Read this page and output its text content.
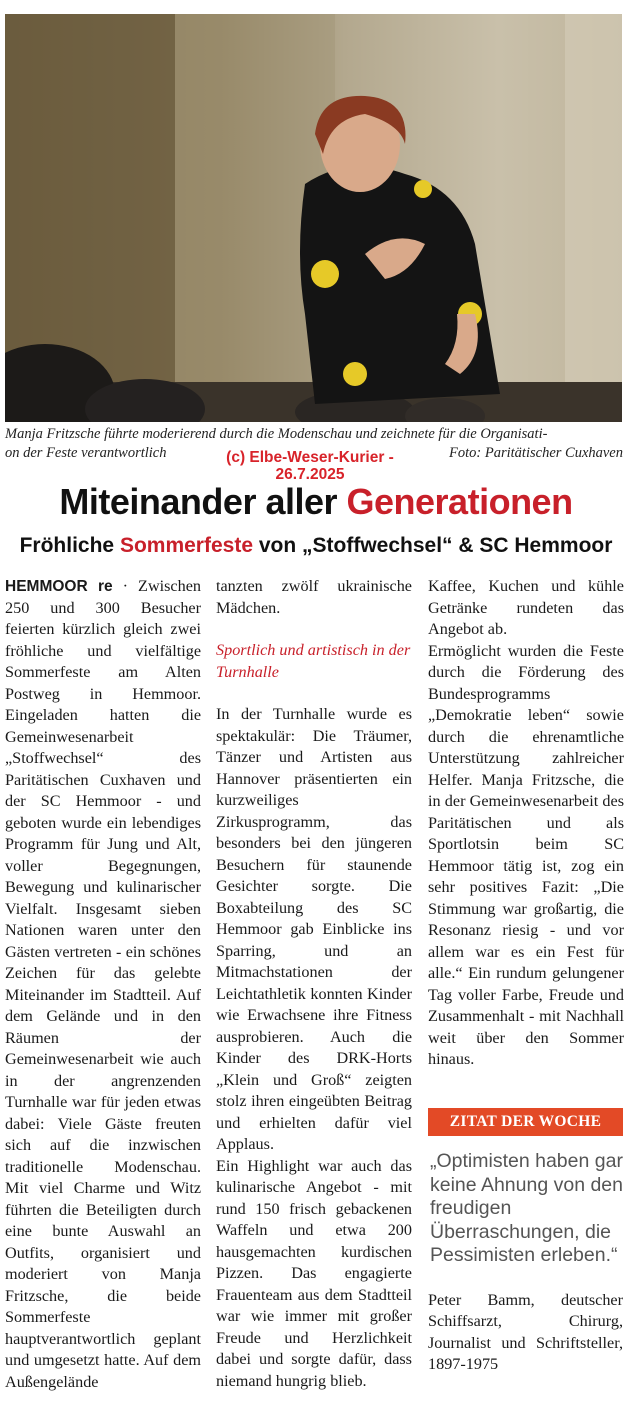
Manja Fritzsche führte moderierend durch die Modenschau und zeichnete für die Organisati-
on der Feste verantwortlich	Foto: Paritätischer Cuxhaven
(c) Elbe-Weser-Kurier -
26.7.2025
Miteinander aller Generationen
Fröhliche Sommerfeste von „Stoffwechsel“ & SC Hemmoor

HEMMOOR re · Zwischen 250 und 300 Besucher feierten kürzlich gleich zwei fröhliche und vielfältige Sommerfeste am Alten Postweg in Hemmoor. Eingeladen hatten die Gemeinwesenarbeit „Stoffwechsel“ des Paritätischen Cuxhaven und der SC Hemmoor - und geboten wurde ein lebendiges Programm für Jung und Alt, voller Begegnungen, Bewegung und kulinarischer Vielfalt. Insgesamt sieben Nationen waren unter den Gästen vertreten - ein schönes Zeichen für das gelebte Miteinander im Stadtteil. Auf dem Gelände und in den Räumen der Gemeinwesenarbeit wie auch in der angrenzenden Turnhalle war für jeden etwas dabei: Viele Gäste freuten sich auf die inzwischen traditionelle Modenschau. Mit viel Charme und Witz führten die Beteiligten durch eine bunte Auswahl an Outfits, organisiert und moderiert von Manja Fritzsche, die beide Sommerfeste hauptverantwortlich geplant und umgesetzt hatte. Auf dem Außengelände

tanzten zwölf ukrainische Mädchen.

Sportlich und artistisch in der Turnhalle

In der Turnhalle wurde es spektakulär: Die Träumer, Tänzer und Artisten aus Hannover präsentierten ein kurzweiliges Zirkusprogramm, das besonders bei den jüngeren Besuchern für staunende Gesichter sorgte. Die Boxabteilung des SC Hemmoor gab Einblicke ins Sparring, und an Mitmachstationen der Leichtathletik konnten Kinder wie Erwachsene ihre Fitness ausprobieren. Auch die Kinder des DRK-Horts „Klein und Groß“ zeigten stolz ihren eingeübten Beitrag und erhielten dafür viel Applaus.

Ein Highlight war auch das kulinarische Angebot - mit rund 150 frisch gebackenen Waffeln und etwa 200 hausgemachten kurdischen Pizzen. Das engagierte Frauenteam aus dem Stadtteil war wie immer mit großer Freude und Herzlichkeit dabei und sorgte dafür, dass niemand hungrig blieb.

Kaffee, Kuchen und kühle Getränke rundeten das Angebot ab.

Ermöglicht wurden die Feste durch die Förderung des Bundesprogramms „Demokratie leben“ sowie durch die ehrenamtliche Unterstützung zahlreicher Helfer. Manja Fritzsche, die in der Gemeinwesenarbeit des Paritätischen und als Sportlotsin beim SC Hemmoor tätig ist, zog ein sehr positives Fazit: „Die Stimmung war großartig, die Resonanz riesig - und vor allem war es ein Fest für alle.“ Ein rundum gelungener Tag voller Farbe, Freude und Zusammenhalt - mit Nachhall weit über den Sommer hinaus.

ZITAT DER WOCHE
„Optimisten haben gar keine Ahnung von den freudigen Überraschungen, die Pessimisten erleben.“
Peter Bamm, deutscher Schiffsarzt, Chirurg, Journalist und Schriftsteller, 1897-1975
